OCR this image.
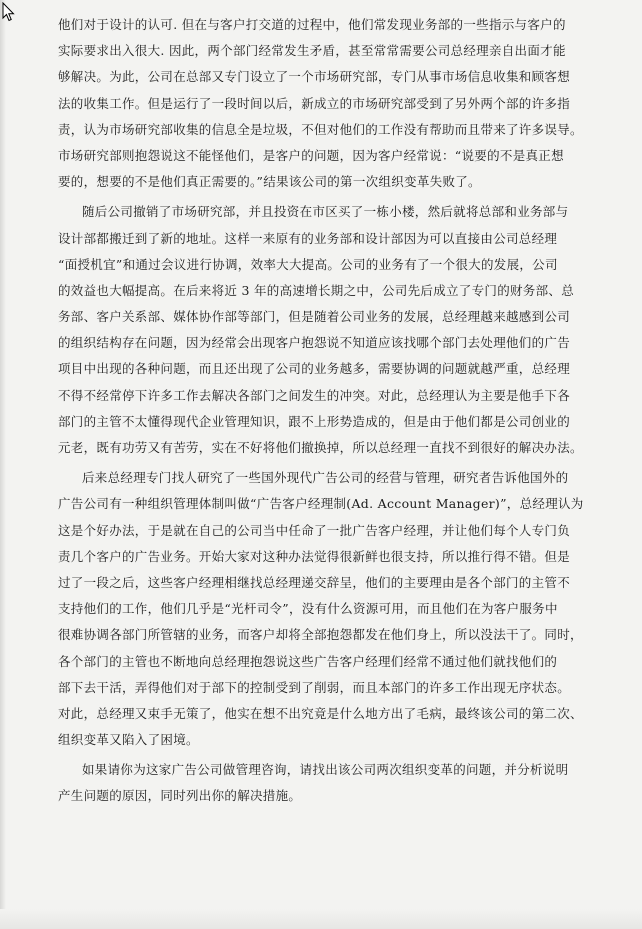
他们对于设计的认可. 但在与客户打交道的过程中，他们常发现业务部的一些指示与客户的
实际要求出入很大. 因此，两个部门经常发生矛盾，甚至常常需要公司总经理亲自出面才能
够解决。为此，公司在总部又专门设立了一个市场研究部，专门从事市场信息收集和顾客想
法的收集工作。但是运行了一段时间以后，新成立的市场研究部受到了另外两个部的许多指
责，认为市场研究部收集的信息全是垃圾，不但对他们的工作没有帮助而且带来了许多误导。
市场研究部则抱怨说这不能怪他们，是客户的问题，因为客户经常说：“说要的不是真正想
要的，想要的不是他们真正需要的。”结果该公司的第一次组织变革失败了。
随后公司撤销了市场研究部，并且投资在市区买了一栋小楼，然后就将总部和业务部与
设计部都搬迁到了新的地址。这样一来原有的业务部和设计部因为可以直接由公司总经理
“面授机宜”和通过会议进行协调，效率大大提高。公司的业务有了一个很大的发展，公司
的效益也大幅提高。在后来将近 3 年的高速增长期之中，公司先后成立了专门的财务部、总
务部、客户关系部、媒体协作部等部门，但是随着公司业务的发展，总经理越来越感到公司
的组织结构存在问题，因为经常会出现客户抱怨说不知道应该找哪个部门去处理他们的广告
项目中出现的各种问题，而且还出现了公司的业务越多，需要协调的问题就越严重，总经理
不得不经常停下许多工作去解决各部门之间发生的冲突。对此，总经理认为主要是他手下各
部门的主管不太懂得现代企业管理知识，跟不上形势造成的，但是由于他们都是公司创业的
元老，既有功劳又有苦劳，实在不好将他们撤换掉，所以总经理一直找不到很好的解决办法。
后来总经理专门找人研究了一些国外现代广告公司的经营与管理，研究者告诉他国外的
广告公司有一种组织管理体制叫做“广告客户经理制(Ad. Account Manager)”，总经理认为
这是个好办法，于是就在自己的公司当中任命了一批广告客户经理，并让他们每个人专门负
责几个客户的广告业务。开始大家对这种办法觉得很新鲜也很支持，所以推行得不错。但是
过了一段之后，这些客户经理相继找总经理递交辞呈，他们的主要理由是各个部门的主管不
支持他们的工作，他们几乎是“光杆司令”，没有什么资源可用，而且他们在为客户服务中
很难协调各部门所管辖的业务，而客户却将全部抱怨都发在他们身上，所以没法干了。同时，
各个部门的主管也不断地向总经理抱怨说这些广告客户经理们经常不通过他们就找他们的
部下去干活，弄得他们对于部下的控制受到了削弱，而且本部门的许多工作出现无序状态。
对此，总经理又束手无策了，他实在想不出究竟是什么地方出了毛病，最终该公司的第二次、
组织变革又陷入了困境。
如果请你为这家广告公司做管理咨询，请找出该公司两次组织变革的问题，并分析说明
产生问题的原因，同时列出你的解决措施。
